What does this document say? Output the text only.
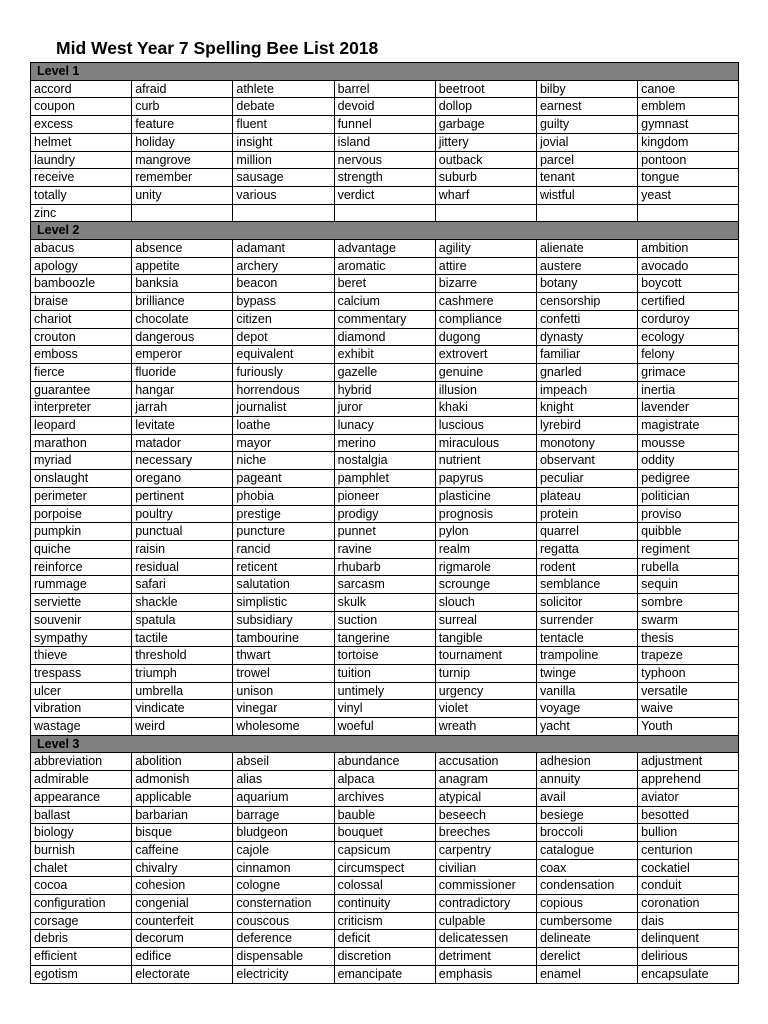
Mid West Year 7 Spelling Bee List 2018
Level 1						
accord	afraid	athlete	barrel	beetroot	bilby	canoe
coupon	curb	debate	devoid	dollop	earnest	emblem
excess	feature	fluent	funnel	garbage	guilty	gymnast
helmet	holiday	insight	island	jittery	jovial	kingdom
laundry	mangrove	million	nervous	outback	parcel	pontoon
receive	remember	sausage	strength	suburb	tenant	tongue
totally	unity	various	verdict	wharf	wistful	yeast
zinc						
Level 2						
abacus	absence	adamant	advantage	agility	alienate	ambition
apology	appetite	archery	aromatic	attire	austere	avocado
bamboozle	banksia	beacon	beret	bizarre	botany	boycott
braise	brilliance	bypass	calcium	cashmere	censorship	certified
chariot	chocolate	citizen	commentary	compliance	confetti	corduroy
crouton	dangerous	depot	diamond	dugong	dynasty	ecology
emboss	emperor	equivalent	exhibit	extrovert	familiar	felony
fierce	fluoride	furiously	gazelle	genuine	gnarled	grimace
guarantee	hangar	horrendous	hybrid	illusion	impeach	inertia
interpreter	jarrah	journalist	juror	khaki	knight	lavender
leopard	levitate	loathe	lunacy	luscious	lyrebird	magistrate
marathon	matador	mayor	merino	miraculous	monotony	mousse
myriad	necessary	niche	nostalgia	nutrient	observant	oddity
onslaught	oregano	pageant	pamphlet	papyrus	peculiar	pedigree
perimeter	pertinent	phobia	pioneer	plasticine	plateau	politician
porpoise	poultry	prestige	prodigy	prognosis	protein	proviso
pumpkin	punctual	puncture	punnet	pylon	quarrel	quibble
quiche	raisin	rancid	ravine	realm	regatta	regiment
reinforce	residual	reticent	rhubarb	rigmarole	rodent	rubella
rummage	safari	salutation	sarcasm	scrounge	semblance	sequin
serviette	shackle	simplistic	skulk	slouch	solicitor	sombre
souvenir	spatula	subsidiary	suction	surreal	surrender	swarm
sympathy	tactile	tambourine	tangerine	tangible	tentacle	thesis
thieve	threshold	thwart	tortoise	tournament	trampoline	trapeze
trespass	triumph	trowel	tuition	turnip	twinge	typhoon
ulcer	umbrella	unison	untimely	urgency	vanilla	versatile
vibration	vindicate	vinegar	vinyl	violet	voyage	waive
wastage	weird	wholesome	woeful	wreath	yacht	Youth
Level 3						
abbreviation	abolition	abseil	abundance	accusation	adhesion	adjustment
admirable	admonish	alias	alpaca	anagram	annuity	apprehend
appearance	applicable	aquarium	archives	atypical	avail	aviator
ballast	barbarian	barrage	bauble	beseech	besiege	besotted
biology	bisque	bludgeon	bouquet	breeches	broccoli	bullion
burnish	caffeine	cajole	capsicum	carpentry	catalogue	centurion
chalet	chivalry	cinnamon	circumspect	civilian	coax	cockatiel
cocoa	cohesion	cologne	colossal	commissioner	condensation	conduit
configuration	congenial	consternation	continuity	contradictory	copious	coronation
corsage	counterfeit	couscous	criticism	culpable	cumbersome	dais
debris	decorum	deference	deficit	delicatessen	delineate	delinquent
efficient	edifice	dispensable	discretion	detriment	derelict	delirious
egotism	electorate	electricity	emancipate	emphasis	enamel	encapsulate
